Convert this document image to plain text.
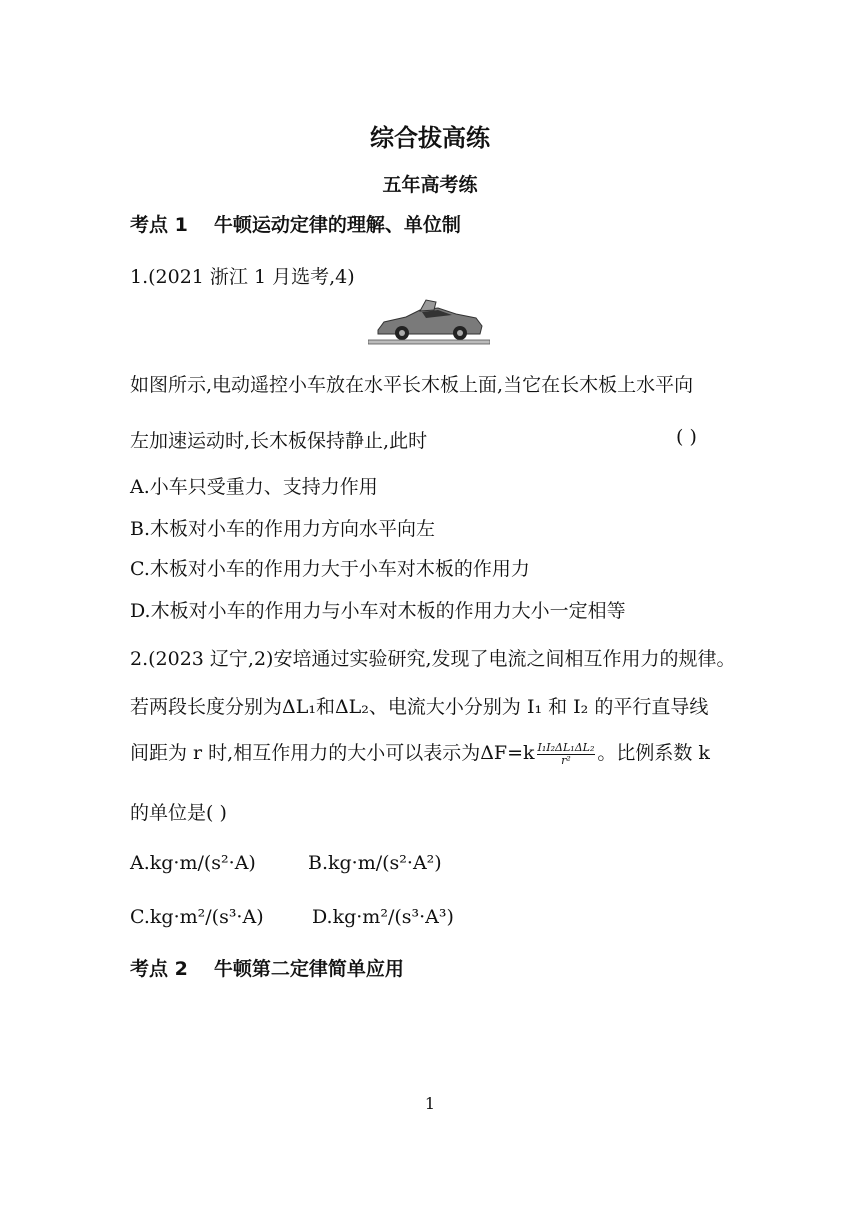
综合拔高练
五年高考练
考点 1 牛顿运动定律的理解、单位制
1.(2021 浙江 1 月选考,4)
如图所示,电动遥控小车放在水平长木板上面,当它在长木板上水平向
左加速运动时,长木板保持静止,此时	( )
A.小车只受重力、支持力作用
B.木板对小车的作用力方向水平向左
C.木板对小车的作用力大于小车对木板的作用力
D.木板对小车的作用力与小车对木板的作用力大小一定相等
2.(2023 辽宁,2)安培通过实验研究,发现了电流之间相互作用力的规律。
若两段长度分别为ΔL₁和ΔL₂、电流大小分别为 I₁ 和 I₂ 的平行直导线
间距为 r 时,相互作用力的大小可以表示为$\Delta F=k \frac{\text{I₁I₂ΔL₁ΔL₂}}{\text{r²}}$ 。比例系数 k
的单位是( )
A.kg·m/(s²·A)	B.kg·m/(s²·A²)
C.kg·m²/(s³·A)	D.kg·m²/(s³·A³)
考点 2 牛顿第二定律简单应用
1
